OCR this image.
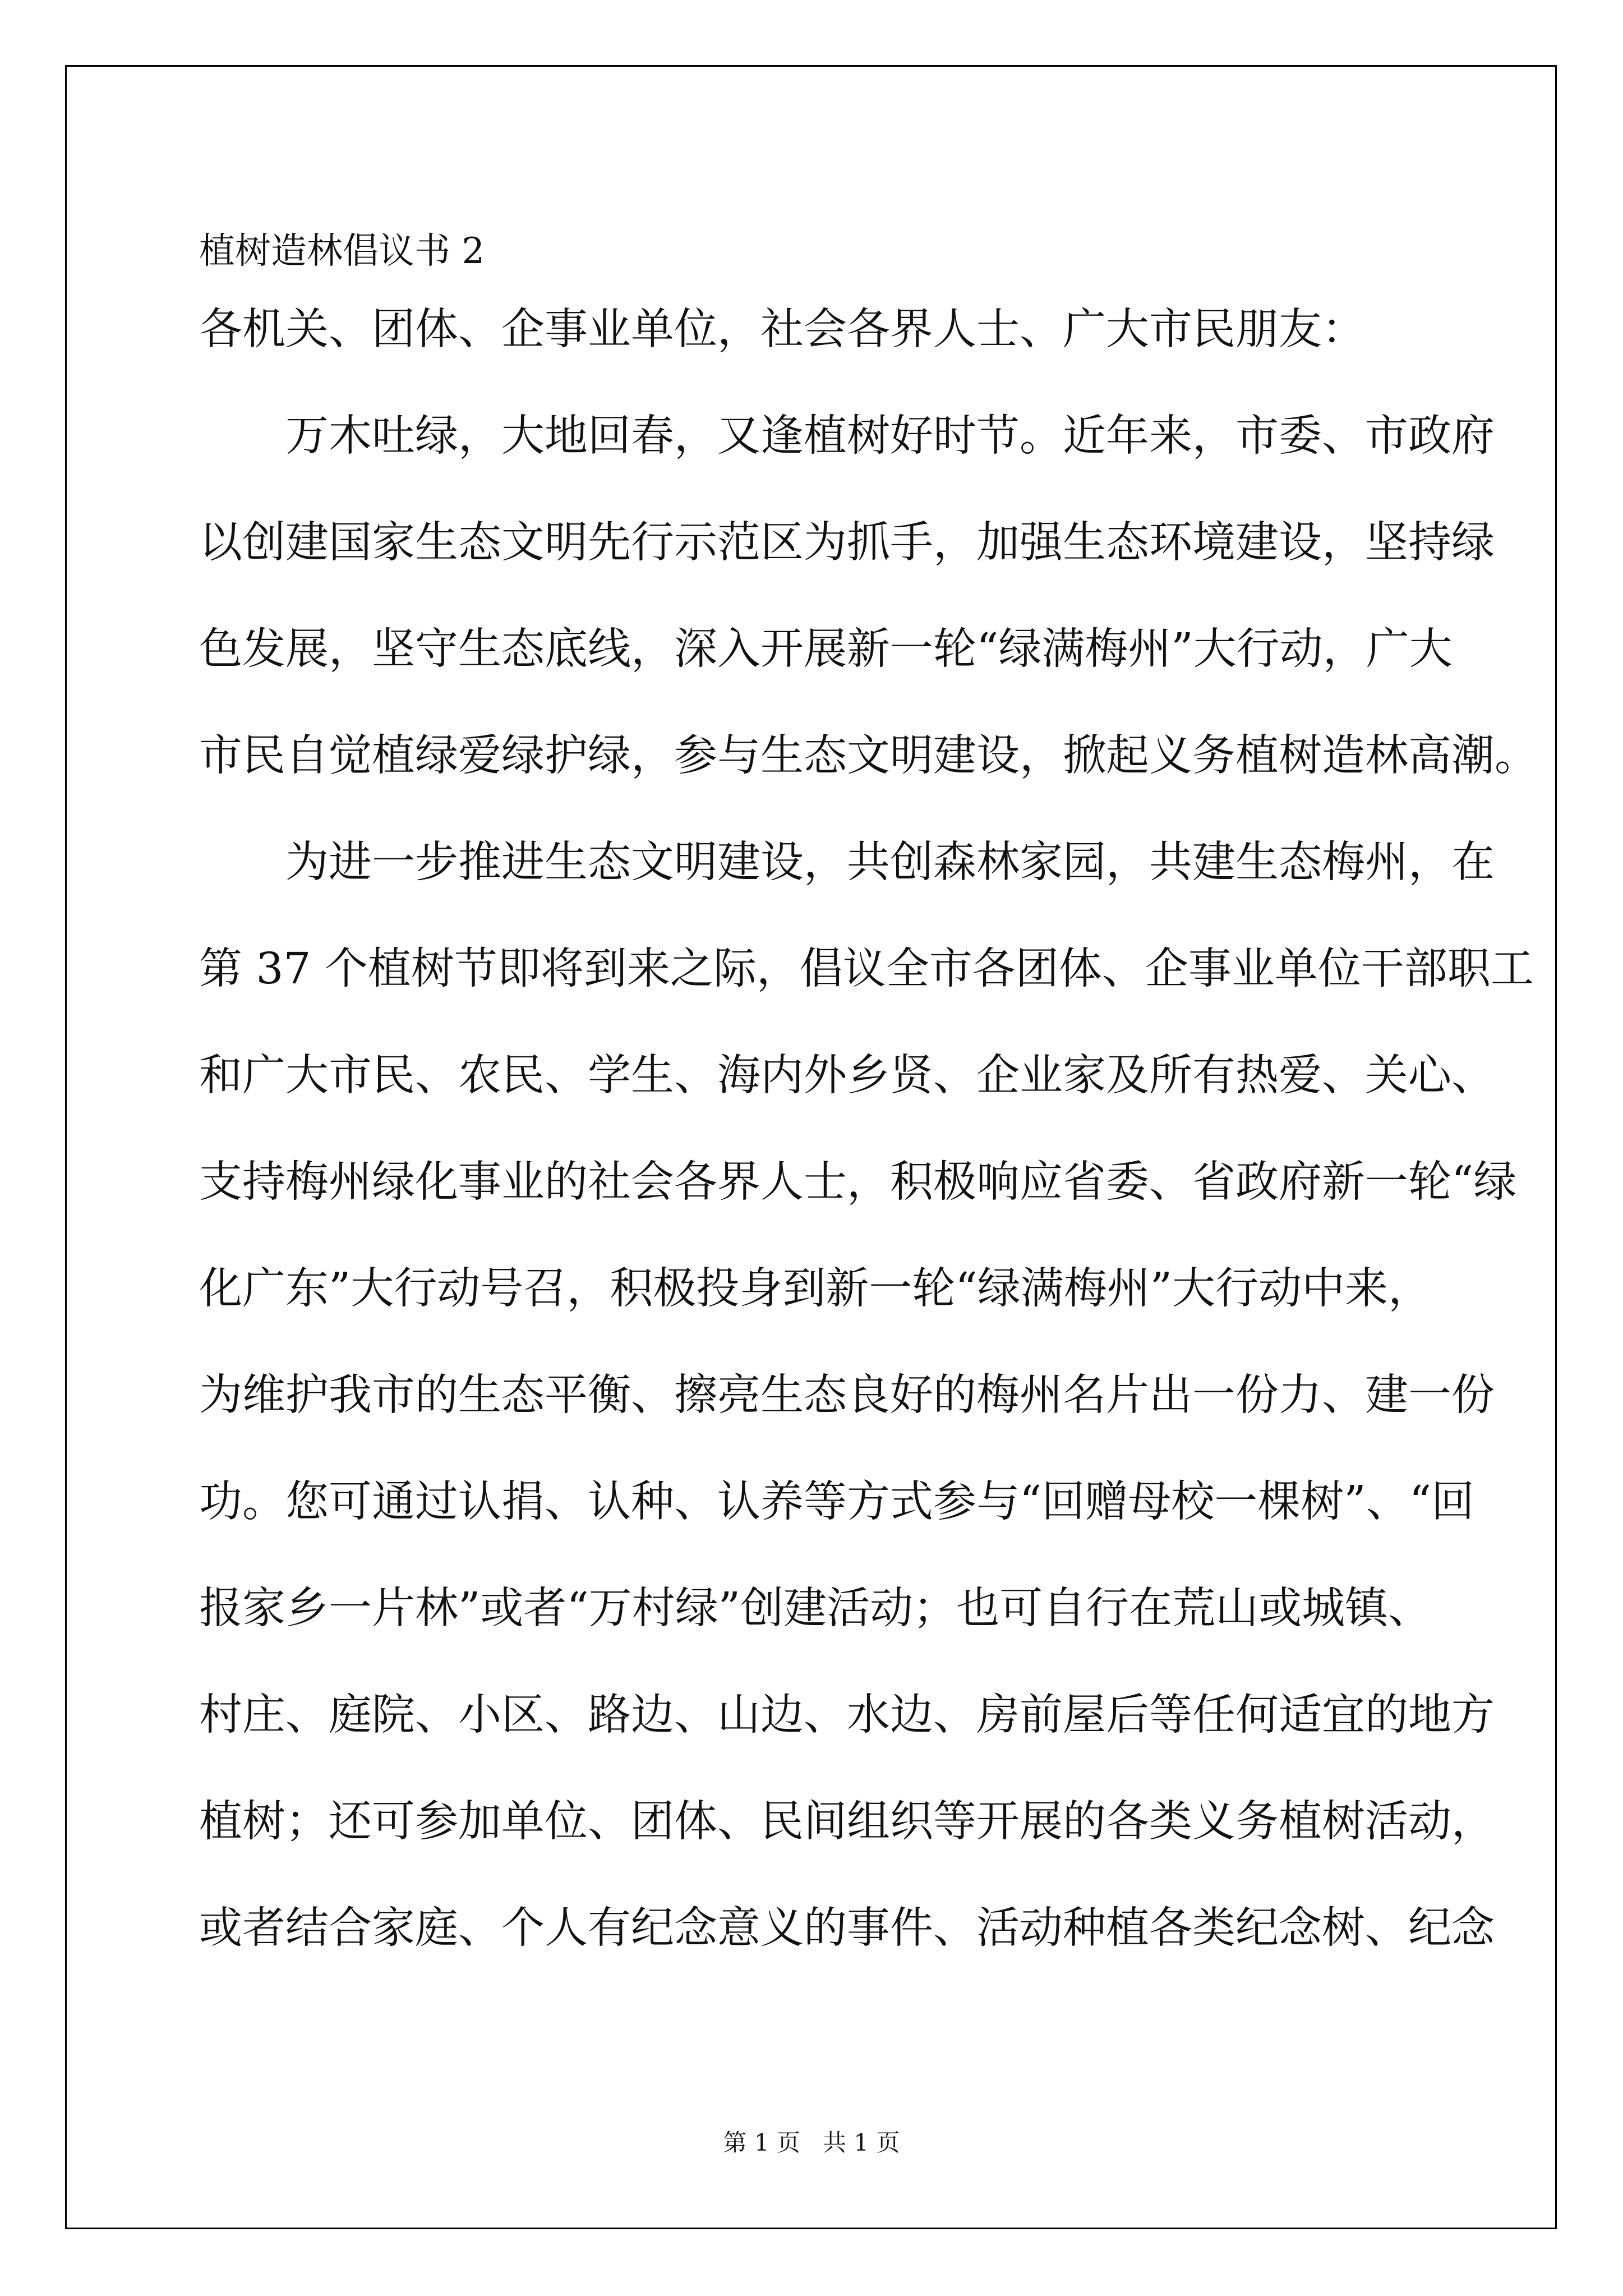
植树造林倡议书 2
各机关、团体、企事业单位，社会各界人士、广大市民朋友：
万木吐绿，大地回春，又逢植树好时节。近年来，市委、市政府
以创建国家生态文明先行示范区为抓手，加强生态环境建设，坚持绿
色发展，坚守生态底线，深入开展新一轮“绿满梅州”大行动，广大
市民自觉植绿爱绿护绿，参与生态文明建设，掀起义务植树造林高潮。
为进一步推进生态文明建设，共创森林家园，共建生态梅州，在
第 37 个植树节即将到来之际，倡议全市各团体、企事业单位干部职工
和广大市民、农民、学生、海内外乡贤、企业家及所有热爱、关心、
支持梅州绿化事业的社会各界人士，积极响应省委、省政府新一轮“绿
化广东”大行动号召，积极投身到新一轮“绿满梅州”大行动中来，
为维护我市的生态平衡、擦亮生态良好的梅州名片出一份力、建一份
功。您可通过认捐、认种、认养等方式参与“回赠母校一棵树”、“回
报家乡一片林”或者“万村绿”创建活动；也可自行在荒山或城镇、
村庄、庭院、小区、路边、山边、水边、房前屋后等任何适宜的地方
植树；还可参加单位、团体、民间组织等开展的各类义务植树活动，
或者结合家庭、个人有纪念意义的事件、活动种植各类纪念树、纪念
第 1 页   共 1 页
